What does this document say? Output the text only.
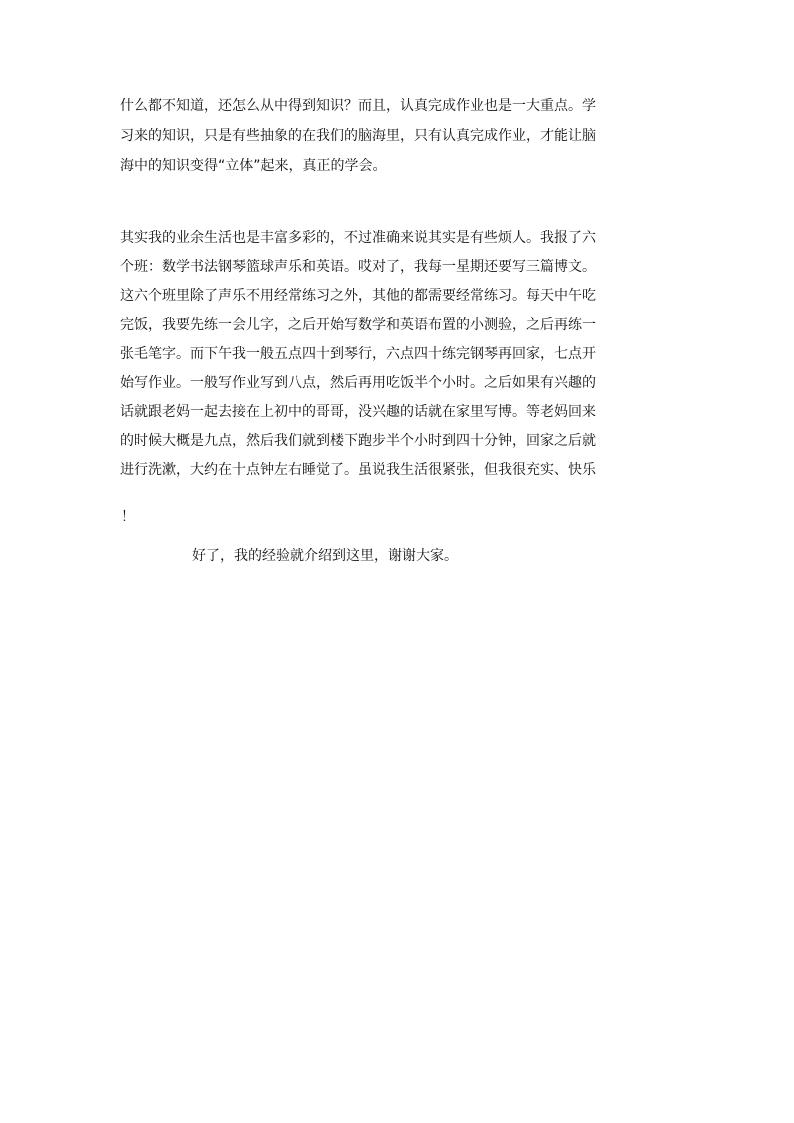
什么都不知道，还怎么从中得到知识？而且，认真完成作业也是一大重点。学
习来的知识，只是有些抽象的在我们的脑海里，只有认真完成作业，才能让脑
海中的知识变得“立体”起来，真正的学会。
其实我的业余生活也是丰富多彩的，不过准确来说其实是有些烦人。我报了六
个班：数学书法钢琴篮球声乐和英语。哎对了，我每一星期还要写三篇博文。
这六个班里除了声乐不用经常练习之外，其他的都需要经常练习。每天中午吃
完饭，我要先练一会儿字，之后开始写数学和英语布置的小测验，之后再练一
张毛笔字。而下午我一般五点四十到琴行，六点四十练完钢琴再回家，七点开
始写作业。一般写作业写到八点，然后再用吃饭半个小时。之后如果有兴趣的
话就跟老妈一起去接在上初中的哥哥，没兴趣的话就在家里写博。等老妈回来
的时候大概是九点，然后我们就到楼下跑步半个小时到四十分钟，回家之后就
进行洗漱，大约在十点钟左右睡觉了。虽说我生活很紧张，但我很充实、快乐
！
好了，我的经验就介绍到这里，谢谢大家。
